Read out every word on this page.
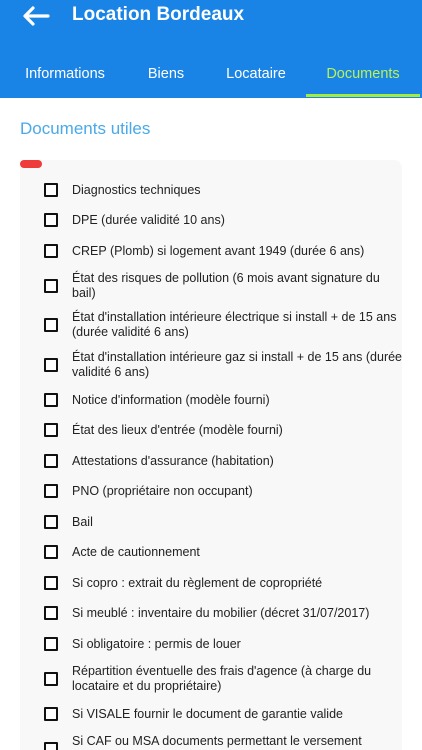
Location Bordeaux
Informations	Biens	Locataire	Documents
Documents utiles
Diagnostics techniques
DPE (durée validité 10 ans)
CREP (Plomb) si logement avant 1949 (durée 6 ans)
État des risques de pollution (6 mois avant signature du bail)
État d'installation intérieure électrique si install + de 15 ans (durée validité 6 ans)
État d'installation intérieure gaz si install + de 15 ans (durée validité 6 ans)
Notice d'information (modèle fourni)
État des lieux d'entrée (modèle fourni)
Attestations d'assurance (habitation)
PNO (propriétaire non occupant)
Bail
Acte de cautionnement
Si copro : extrait du règlement de copropriété
Si meublé : inventaire du mobilier (décret 31/07/2017)
Si obligatoire : permis de louer
Répartition éventuelle des frais d'agence (à charge du locataire et du propriétaire)
Si VISALE fournir le document de garantie valide
Si CAF ou MSA documents permettant le versement
